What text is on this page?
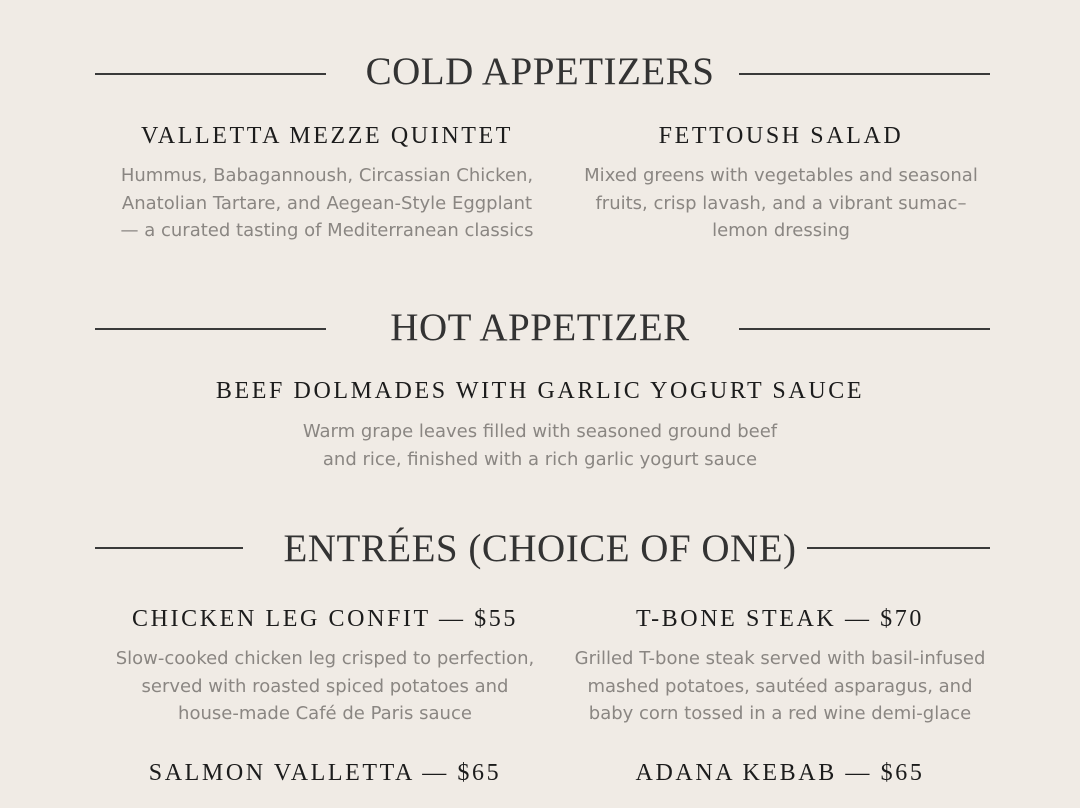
COLD APPETIZERS
VALLETTA MEZZE QUINTET
Hummus, Babagannoush, Circassian Chicken,
Anatolian Tartare, and Aegean-Style Eggplant
— a curated tasting of Mediterranean classics
FETTOUSH SALAD
Mixed greens with vegetables and seasonal
fruits, crisp lavash, and a vibrant sumac–
lemon dressing
HOT APPETIZER
BEEF DOLMADES WITH GARLIC YOGURT SAUCE
Warm grape leaves filled with seasoned ground beef
and rice, finished with a rich garlic yogurt sauce
ENTRÉES (CHOICE OF ONE)
CHICKEN LEG CONFIT — $55
Slow-cooked chicken leg crisped to perfection,
served with roasted spiced potatoes and
house-made Café de Paris sauce
T-BONE STEAK — $70
Grilled T-bone steak served with basil-infused
mashed potatoes, sautéed asparagus, and
baby corn tossed in a red wine demi-glace
SALMON VALLETTA — $65	ADANA KEBAB — $65
